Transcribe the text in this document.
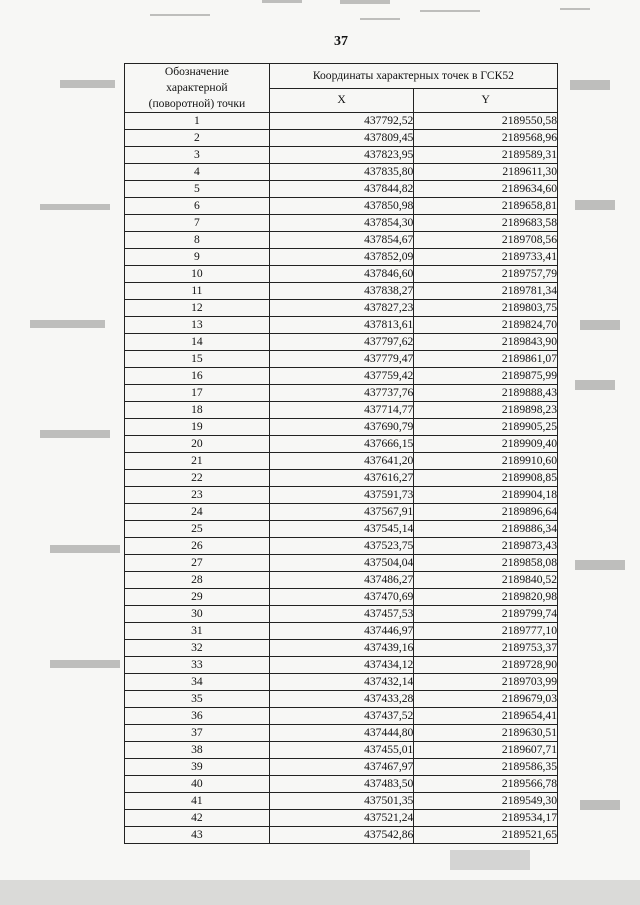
37
Обозначение
характерной
(поворотной) точки	Координаты характерных точек в ГСК52	
	X	Y
1	437792,52	2189550,58
2	437809,45	2189568,96
3	437823,95	2189589,31
4	437835,80	2189611,30
5	437844,82	2189634,60
6	437850,98	2189658,81
7	437854,30	2189683,58
8	437854,67	2189708,56
9	437852,09	2189733,41
10	437846,60	2189757,79
11	437838,27	2189781,34
12	437827,23	2189803,75
13	437813,61	2189824,70
14	437797,62	2189843,90
15	437779,47	2189861,07
16	437759,42	2189875,99
17	437737,76	2189888,43
18	437714,77	2189898,23
19	437690,79	2189905,25
20	437666,15	2189909,40
21	437641,20	2189910,60
22	437616,27	2189908,85
23	437591,73	2189904,18
24	437567,91	2189896,64
25	437545,14	2189886,34
26	437523,75	2189873,43
27	437504,04	2189858,08
28	437486,27	2189840,52
29	437470,69	2189820,98
30	437457,53	2189799,74
31	437446,97	2189777,10
32	437439,16	2189753,37
33	437434,12	2189728,90
34	437432,14	2189703,99
35	437433,28	2189679,03
36	437437,52	2189654,41
37	437444,80	2189630,51
38	437455,01	2189607,71
39	437467,97	2189586,35
40	437483,50	2189566,78
41	437501,35	2189549,30
42	437521,24	2189534,17
43	437542,86	2189521,65
